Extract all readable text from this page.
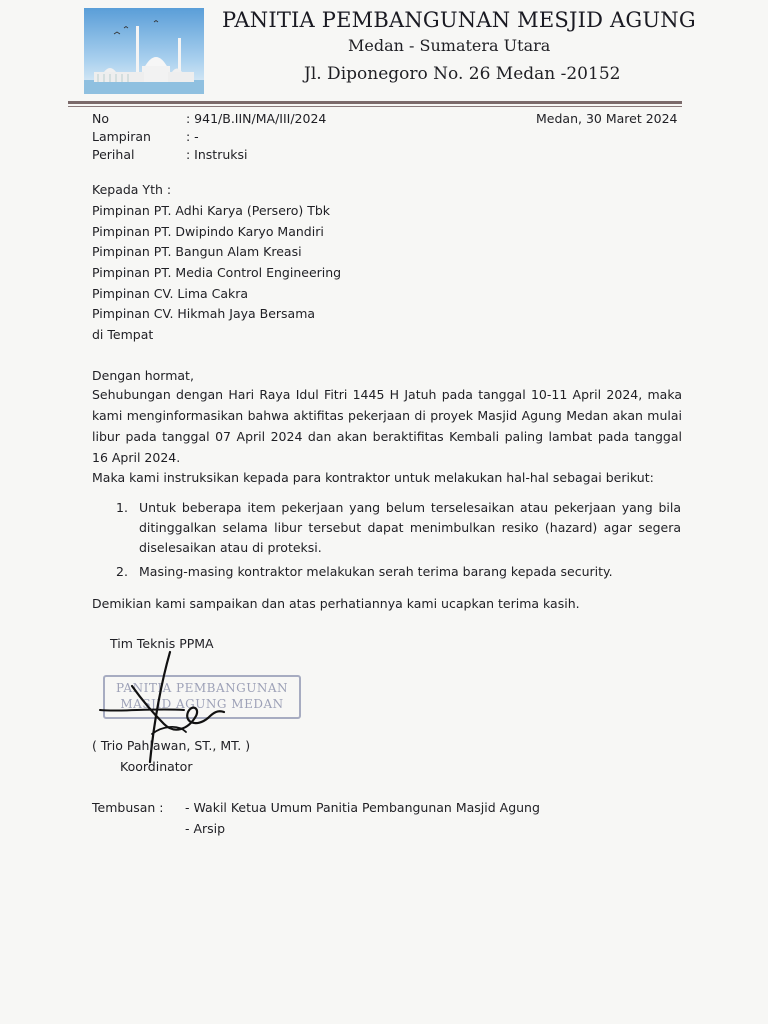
PANITIA PEMBANGUNAN MESJID AGUNG
Medan - Sumatera Utara
Jl. Diponegoro No. 26 Medan -20152
No	: 941/B.IIN/MA/III/2024
Lampiran	: -
Perihal	: Instruksi
Medan, 30 Maret 2024
Kepada Yth :
Pimpinan PT. Adhi Karya (Persero) Tbk
Pimpinan PT. Dwipindo Karyo Mandiri
Pimpinan PT. Bangun Alam Kreasi
Pimpinan PT. Media Control Engineering
Pimpinan CV. Lima Cakra
Pimpinan CV. Hikmah Jaya Bersama
di Tempat
Dengan hormat,
Sehubungan dengan Hari Raya Idul Fitri 1445 H Jatuh pada tanggal 10-11 April 2024, maka kami menginformasikan bahwa aktifitas pekerjaan di proyek Masjid Agung Medan akan mulai libur pada tanggal 07 April 2024 dan akan beraktifitas Kembali paling lambat pada tanggal 16 April 2024.
Maka kami instruksikan kepada para kontraktor untuk melakukan hal-hal sebagai berikut:
1. Untuk beberapa item pekerjaan yang belum terselesaikan atau pekerjaan yang bila ditinggalkan selama libur tersebut dapat menimbulkan resiko (hazard) agar segera diselesaikan atau di proteksi.
2. Masing-masing kontraktor melakukan serah terima barang kepada security.
Demikian kami sampaikan dan atas perhatiannya kami ucapkan terima kasih.
Tim Teknis PPMA
PANITIA PEMBANGUNAN
MASJID AGUNG MEDAN
( Trio Pahlawan, ST., MT. )
Koordinator
Tembusan : - Wakil Ketua Umum Panitia Pembangunan Masjid Agung
- Arsip
